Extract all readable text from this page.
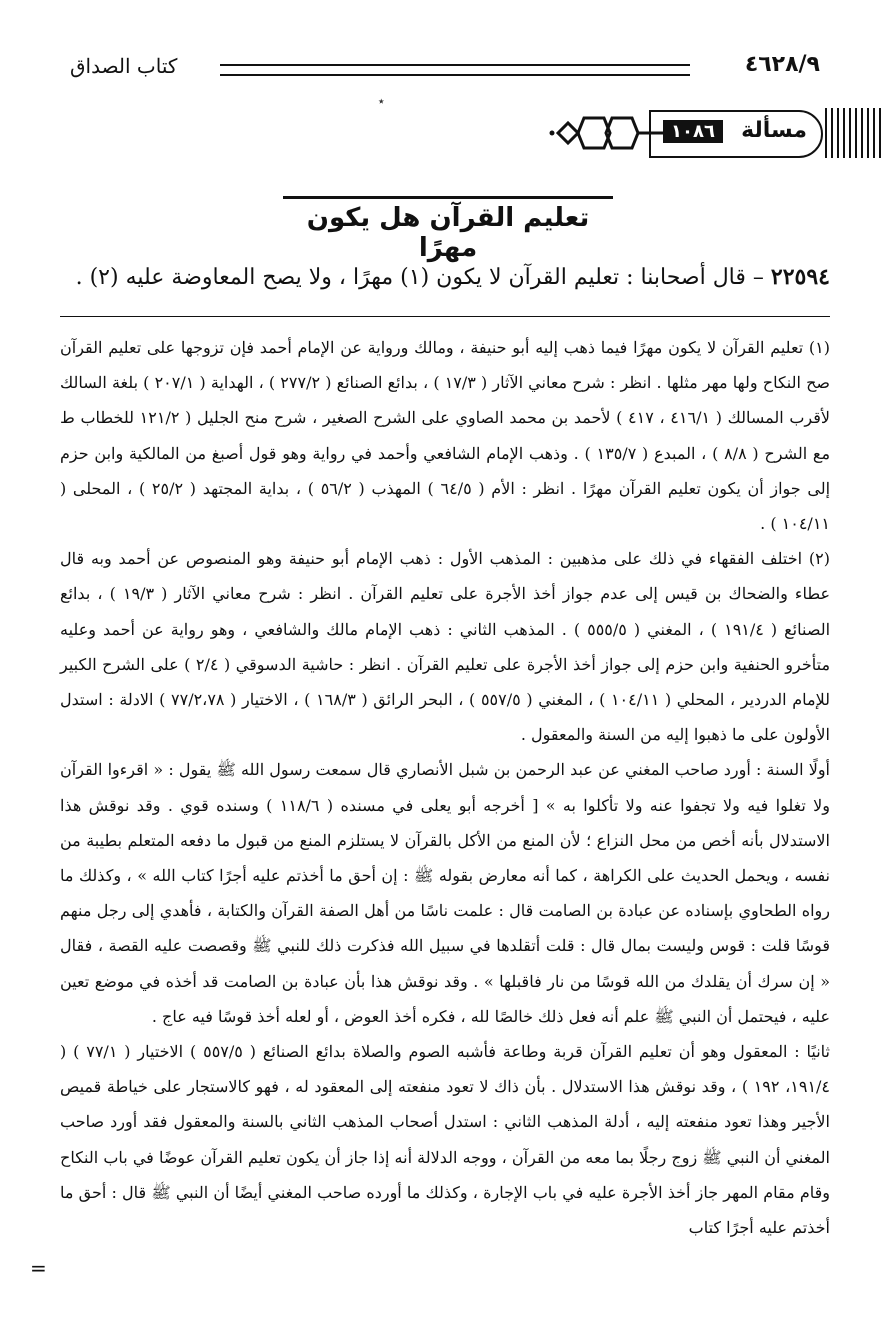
٤٦٢٨/٩
كتاب الصداق
٭
مسألة
١٠٨٦
تعليم القرآن هل يكون مهرًا
٢٢٥٩٤ – قال أصحابنا : تعليم القرآن لا يكون (١) مهرًا ، ولا يصح المعاوضة عليه (٢) .

(١) تعليم القرآن لا يكون مهرًا فيما ذهب إليه أبو حنيفة ، ومالك ورواية عن الإمام أحمد فإن تزوجها على تعليم القرآن صح النكاح ولها مهر مثلها . انظر : شرح معاني الآثار ( ١٧/٣ ) ، بدائع الصنائع ( ٢٧٧/٢ ) ، الهداية ( ٢٠٧/١ ) بلغة السالك لأقرب المسالك ( ٤١٦/١ ، ٤١٧ ) لأحمد بن محمد الصاوي على الشرح الصغير ، شرح منح الجليل ( ١٢١/٢ للخطاب ط مع الشرح ( ٨/٨ ) ، المبدع ( ١٣٥/٧ ) . وذهب الإمام الشافعي وأحمد في رواية وهو قول أصبغ من المالكية وابن حزم إلى جواز أن يكون تعليم القرآن مهرًا . انظر : الأم ( ٦٤/٥ ) المهذب ( ٥٦/٢ ) ، بداية المجتهد ( ٢٥/٢ ) ، المحلى ( ١٠٤/١١ ) .

(٢) اختلف الفقهاء في ذلك على مذهبين : المذهب الأول : ذهب الإمام أبو حنيفة وهو المنصوص عن أحمد وبه قال عطاء والضحاك بن قيس إلى عدم جواز أخذ الأجرة على تعليم القرآن . انظر : شرح معاني الآثار ( ١٩/٣ ) ، بدائع الصنائع ( ١٩١/٤ ) ، المغني ( ٥٥٥/٥ ) . المذهب الثاني : ذهب الإمام مالك والشافعي ، وهو رواية عن أحمد وعليه متأخرو الحنفية وابن حزم إلى جواز أخذ الأجرة على تعليم القرآن . انظر : حاشية الدسوقي ( ٢/٤ ) على الشرح الكبير للإمام الدردير ، المحلي ( ١٠٤/١١ ) ، المغني ( ٥٥٧/٥ ) ، البحر الرائق ( ١٦٨/٣ ) ، الاختيار ( ٧٧/٢،٧٨ ) الادلة : استدل الأولون على ما ذهبوا إليه من السنة والمعقول .

أولًا السنة : أورد صاحب المغني عن عبد الرحمن بن شبل الأنصاري قال سمعت رسول الله ﷺ يقول : « اقرءوا القرآن ولا تغلوا فيه ولا تجفوا عنه ولا تأكلوا به » [ أخرجه أبو يعلى في مسنده ( ١١٨/٦ ) وسنده قوي . وقد نوقش هذا الاستدلال بأنه أخص من محل النزاع ؛ لأن المنع من الأكل بالقرآن لا يستلزم المنع من قبول ما دفعه المتعلم بطيبة من نفسه ، ويحمل الحديث على الكراهة ، كما أنه معارض بقوله ﷺ : إن أحق ما أخذتم عليه أجرًا كتاب الله » ، وكذلك ما رواه الطحاوي بإسناده عن عبادة بن الصامت قال : علمت ناسًا من أهل الصفة القرآن والكتابة ، فأهدي إلى رجل منهم قوسًا قلت : قوس وليست بمال قال : قلت أتقلدها في سبيل الله فذكرت ذلك للنبي ﷺ وقصصت عليه القصة ، فقال « إن سرك أن يقلدك من الله قوسًا من نار فاقبلها » . وقد نوقش هذا بأن عبادة بن الصامت قد أخذه في موضع تعين عليه ، فيحتمل أن النبي ﷺ علم أنه فعل ذلك خالصًا لله ، فكره أخذ العوض ، أو لعله أخذ قوسًا فيه عاج .

ثانيًا : المعقول وهو أن تعليم القرآن قربة وطاعة فأشبه الصوم والصلاة بدائع الصنائع ( ٥٥٧/٥ ) الاختيار ( ٧٧/١ ) ( ١٩١/٤، ١٩٢ ) ، وقد نوقش هذا الاستدلال . بأن ذاك لا تعود منفعته إلى المعقود له ، فهو كالاستجار على خياطة قميص الأجير وهذا تعود منفعته إليه ، أدلة المذهب الثاني : استدل أصحاب المذهب الثاني بالسنة والمعقول فقد أورد صاحب المغني أن النبي ﷺ زوج رجلًا بما معه من القرآن ، ووجه الدلالة أنه إذا جاز أن يكون تعليم القرآن عوضًا في باب النكاح وقام مقام المهر جاز أخذ الأجرة عليه في باب الإجارة ، وكذلك ما أورده صاحب المغني أيضًا أن النبي ﷺ قال : أحق ما أخذتم عليه أجرًا كتاب

=
